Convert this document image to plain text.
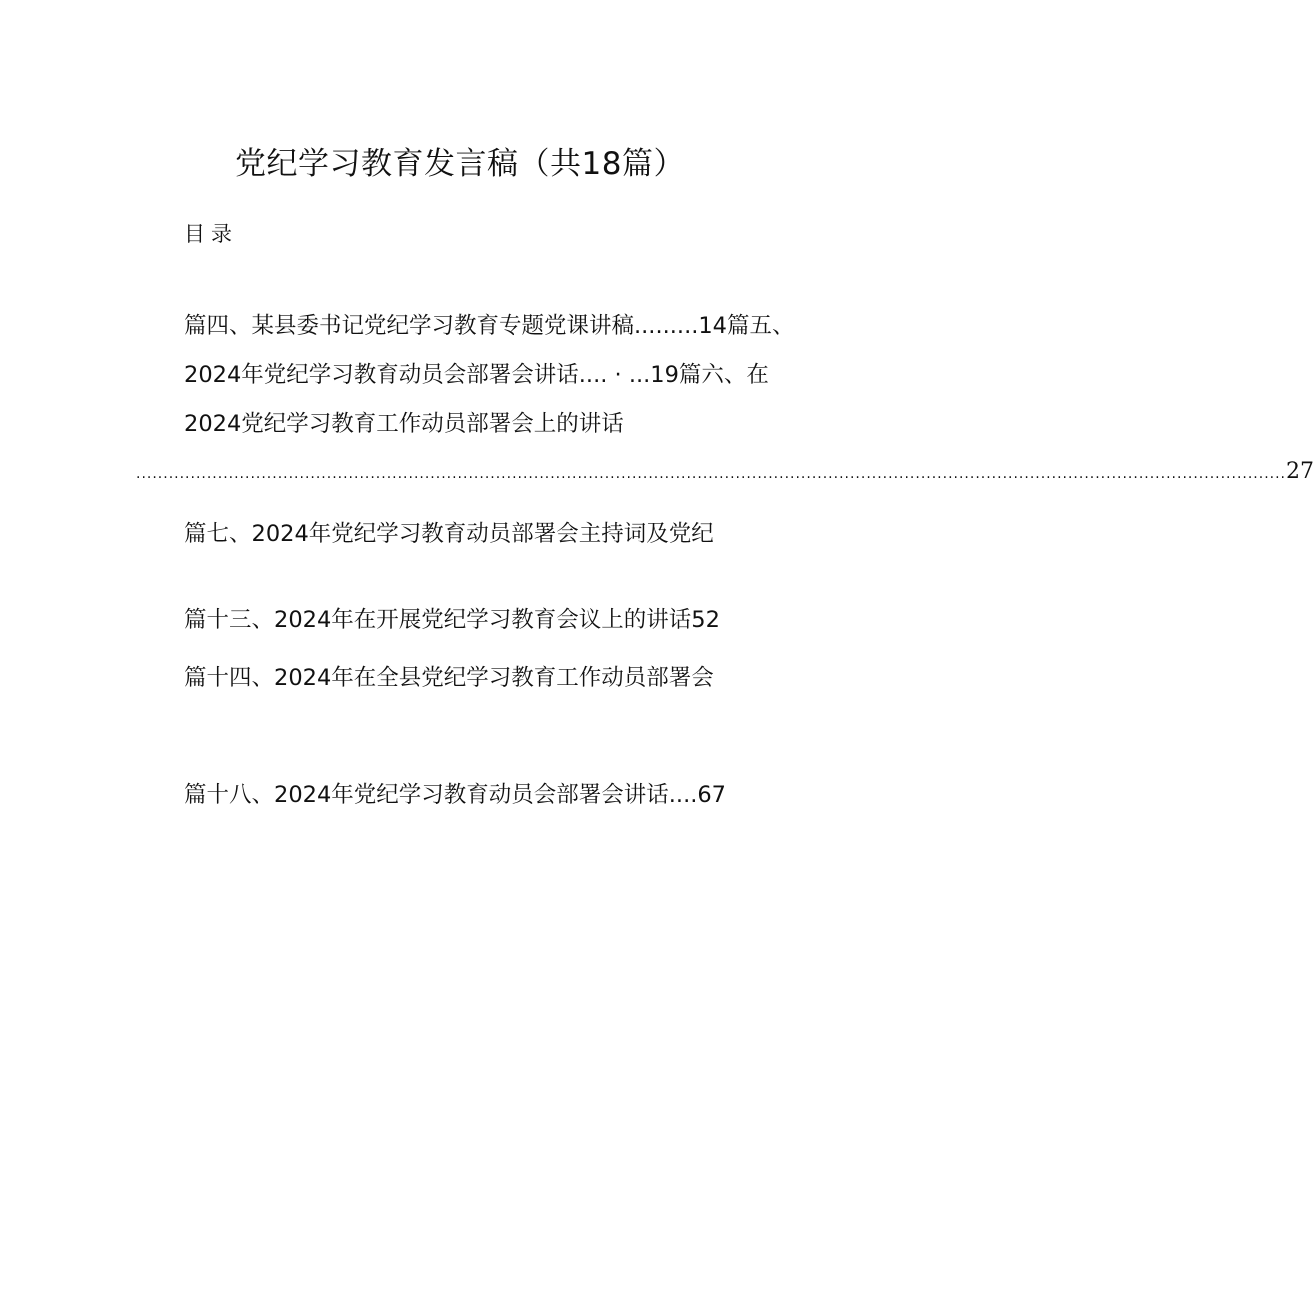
党纪学习教育发言稿（共18篇）
目录
篇四、某县委书记党纪学习教育专题党课讲稿.........14篇五、
2024年党纪学习教育动员会部署会讲话.... · ...19篇六、在
2024党纪学习教育工作动员部署会上的讲话
................................................................................................................................................................................................................... 27
篇七、2024年党纪学习教育动员部署会主持词及党纪
篇十三、2024年在开展党纪学习教育会议上的讲话52
篇十四、2024年在全县党纪学习教育工作动员部署会
篇十八、2024年党纪学习教育动员会部署会讲话....67
